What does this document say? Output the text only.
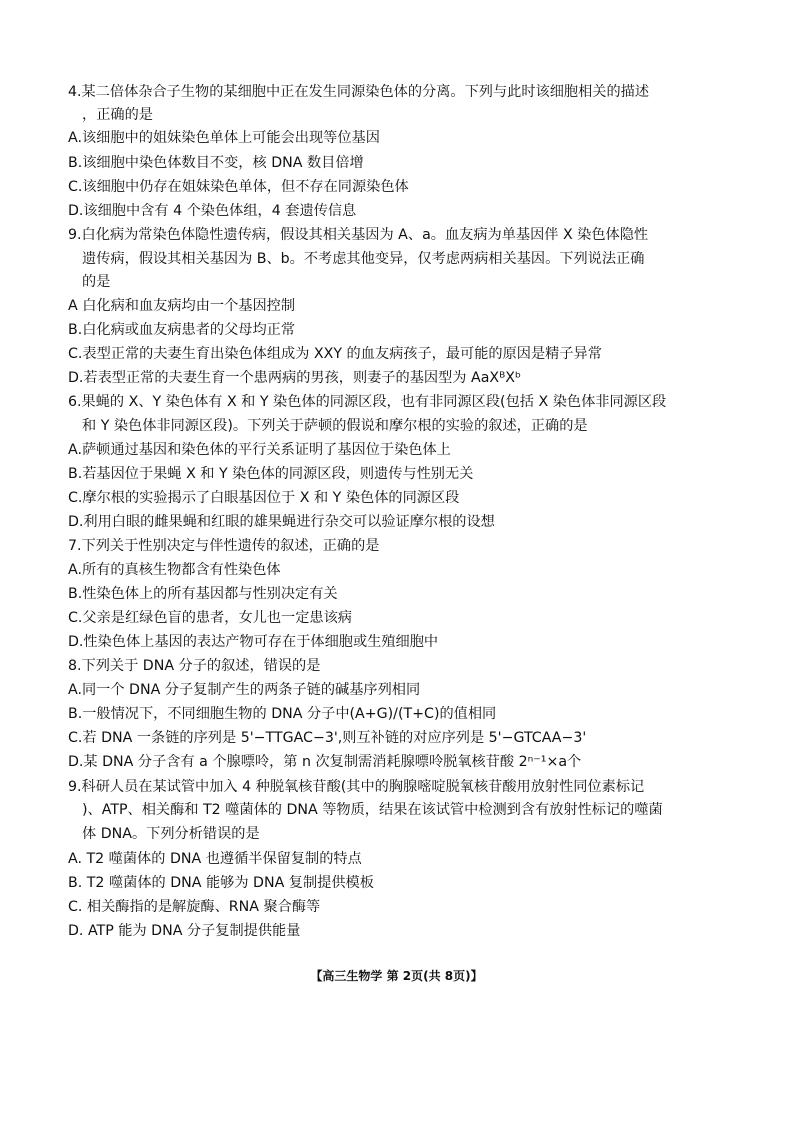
4.某二倍体杂合子生物的某细胞中正在发生同源染色体的分离。下列与此时该细胞相关的描述
，正确的是
A.该细胞中的姐妹染色单体上可能会出现等位基因
B.该细胞中染色体数目不变，核 DNA 数目倍增
C.该细胞中仍存在姐妹染色单体，但不存在同源染色体
D.该细胞中含有 4 个染色体组，4 套遗传信息
9.白化病为常染色体隐性遗传病，假设其相关基因为 A、a。血友病为单基因伴 X 染色体隐性
遗传病，假设其相关基因为 B、b。不考虑其他变异，仅考虑两病相关基因。下列说法正确
的是
A 白化病和血友病均由一个基因控制
B.白化病或血友病患者的父母均正常
C.表型正常的夫妻生育出染色体组成为 XXY 的血友病孩子，最可能的原因是精子异常
D.若表型正常的夫妻生育一个患两病的男孩，则妻子的基因型为 AaXᴮXᵇ
6.果蝇的 X、Y 染色体有 X 和 Y 染色体的同源区段，也有非同源区段(包括 X 染色体非同源区段
和 Y 染色体非同源区段)。下列关于萨顿的假说和摩尔根的实验的叙述，正确的是
A.萨顿通过基因和染色体的平行关系证明了基因位于染色体上
B.若基因位于果蝇 X 和 Y 染色体的同源区段，则遗传与性别无关
C.摩尔根的实验揭示了白眼基因位于 X 和 Y 染色体的同源区段
D.利用白眼的雌果蝇和红眼的雄果蝇进行杂交可以验证摩尔根的设想
7.下列关于性别决定与伴性遗传的叙述，正确的是
A.所有的真核生物都含有性染色体
B.性染色体上的所有基因都与性别决定有关
C.父亲是红绿色盲的患者，女儿也一定患该病
D.性染色体上基因的表达产物可存在于体细胞或生殖细胞中
8.下列关于 DNA 分子的叙述，错误的是
A.同一个 DNA 分子复制产生的两条子链的碱基序列相同
B.一般情况下，不同细胞生物的 DNA 分子中(A+G)/(T+C)的值相同
C.若 DNA 一条链的序列是 5'−TTGAC−3',则互补链的对应序列是 5'−GTCAA−3'
D.某 DNA 分子含有 a 个腺嘌呤，第 n 次复制需消耗腺嘌呤脱氧核苷酸 2ⁿ⁻¹×a个
9.科研人员在某试管中加入 4 种脱氧核苷酸(其中的胸腺嘧啶脱氧核苷酸用放射性同位素标记
)、ATP、相关酶和 T2 噬菌体的 DNA 等物质，结果在该试管中检测到含有放射性标记的噬菌
体 DNA。下列分析错误的是
A. T2 噬菌体的 DNA 也遵循半保留复制的特点
B. T2 噬菌体的 DNA 能够为 DNA 复制提供模板
C. 相关酶指的是解旋酶、RNA 聚合酶等
D. ATP 能为 DNA 分子复制提供能量
【高三生物学 第 2页(共 8页)】
